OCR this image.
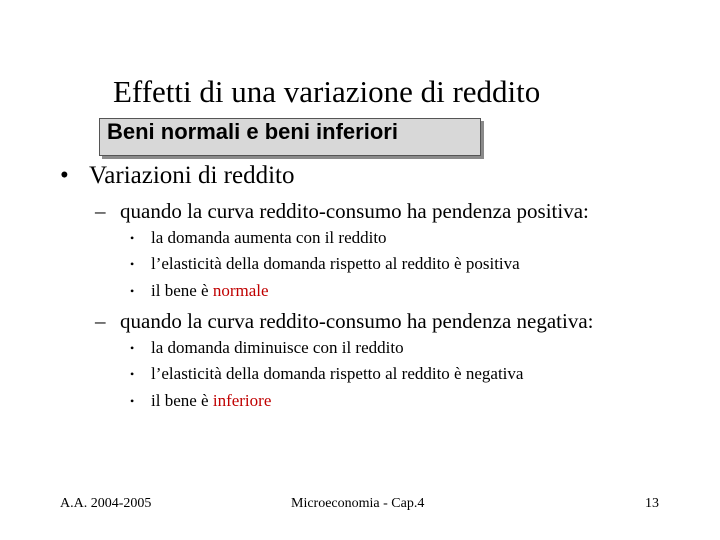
Effetti di una variazione di reddito
Beni normali e beni inferiori
• Variazioni di reddito
– quando la curva reddito-consumo ha pendenza positiva:
• la domanda aumenta con il reddito
• l’elasticità della domanda rispetto al reddito è positiva
• il bene è normale
– quando la curva reddito-consumo ha pendenza negativa:
• la domanda diminuisce con il reddito
• l’elasticità della domanda rispetto al reddito è negativa
• il bene è inferiore
A.A. 2004-2005	Microeconomia - Cap.4	13
